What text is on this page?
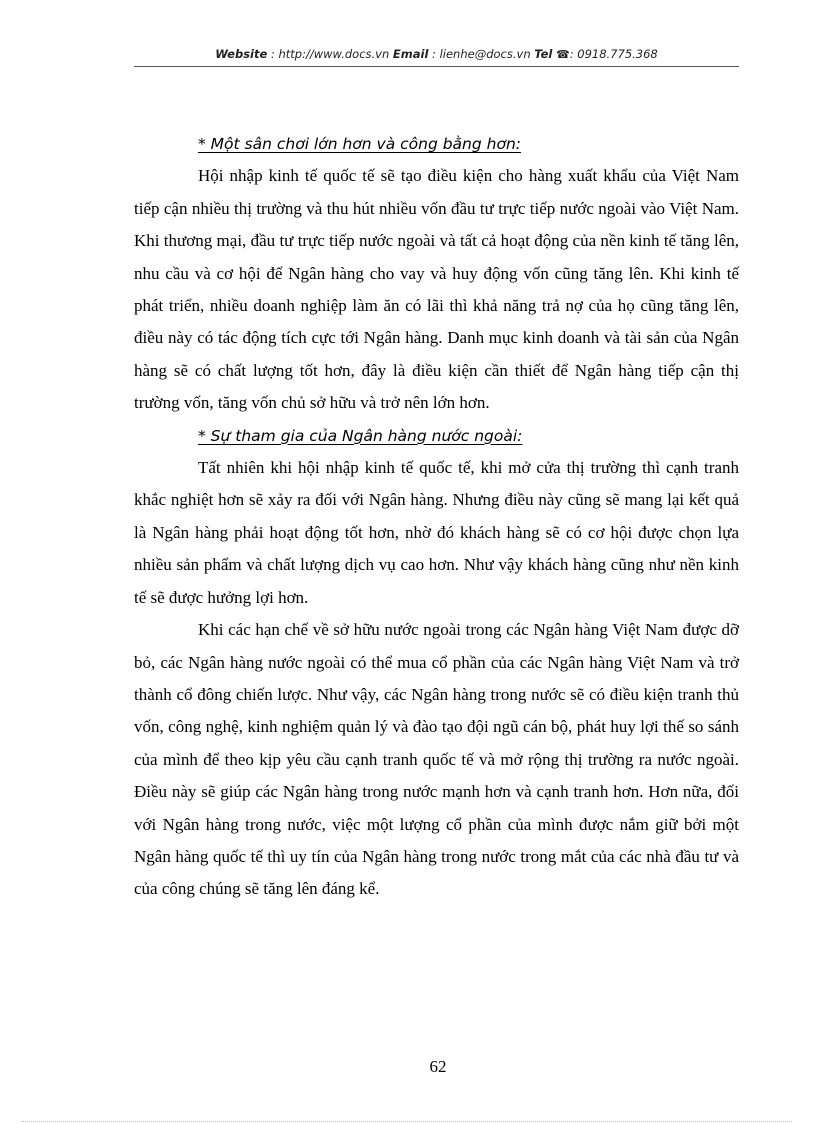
Website : http://www.docs.vn Email : lienhe@docs.vn Tel ☎: 0918.775.368

* Một sân chơi lớn hơn và công bằng hơn:

Hội nhập kinh tế quốc tế sẽ tạo điều kiện cho hàng xuất khẩu của Việt Nam tiếp cận nhiều thị trường và thu hút nhiều vốn đầu tư trực tiếp nước ngoài vào Việt Nam. Khi thương mại, đầu tư trực tiếp nước ngoài và tất cả hoạt động của nền kinh tế tăng lên, nhu cầu và cơ hội để Ngân hàng cho vay và huy động vốn cũng tăng lên. Khi kinh tế phát triển, nhiều doanh nghiệp làm ăn có lãi thì khả năng trả nợ của họ cũng tăng lên, điều này có tác động tích cực tới Ngân hàng. Danh mục kinh doanh và tài sản của Ngân hàng sẽ có chất lượng tốt hơn, đây là điều kiện cần thiết để Ngân hàng tiếp cận thị trường vốn, tăng vốn chủ sở hữu và trở nên lớn hơn.

* Sự tham gia của Ngân hàng nước ngoài:

Tất nhiên khi hội nhập kinh tế quốc tế, khi mở cửa thị trường thì cạnh tranh khắc nghiệt hơn sẽ xảy ra đối với Ngân hàng. Nhưng điều này cũng sẽ mang lại kết quả là Ngân hàng phải hoạt động tốt hơn, nhờ đó khách hàng sẽ có cơ hội được chọn lựa nhiều sản phẩm và chất lượng dịch vụ cao hơn. Như vậy khách hàng cũng như nền kinh tế sẽ được hưởng lợi hơn.

Khi các hạn chế về sở hữu nước ngoài trong các Ngân hàng Việt Nam được dỡ bỏ, các Ngân hàng nước ngoài có thể mua cổ phần của các Ngân hàng Việt Nam và trở thành cổ đông chiến lược. Như vậy, các Ngân hàng trong nước sẽ có điều kiện tranh thủ vốn, công nghệ, kinh nghiệm quản lý và đào tạo đội ngũ cán bộ, phát huy lợi thế so sánh của mình để theo kịp yêu cầu cạnh tranh quốc tế và mở rộng thị trường ra nước ngoài. Điều này sẽ giúp các Ngân hàng trong nước mạnh hơn và cạnh tranh hơn. Hơn nữa, đối với Ngân hàng trong nước, việc một lượng cổ phần của mình được nắm giữ bởi một Ngân hàng quốc tế thì uy tín của Ngân hàng trong nước trong mắt của các nhà đầu tư và của công chúng sẽ tăng lên đáng kể.

62
